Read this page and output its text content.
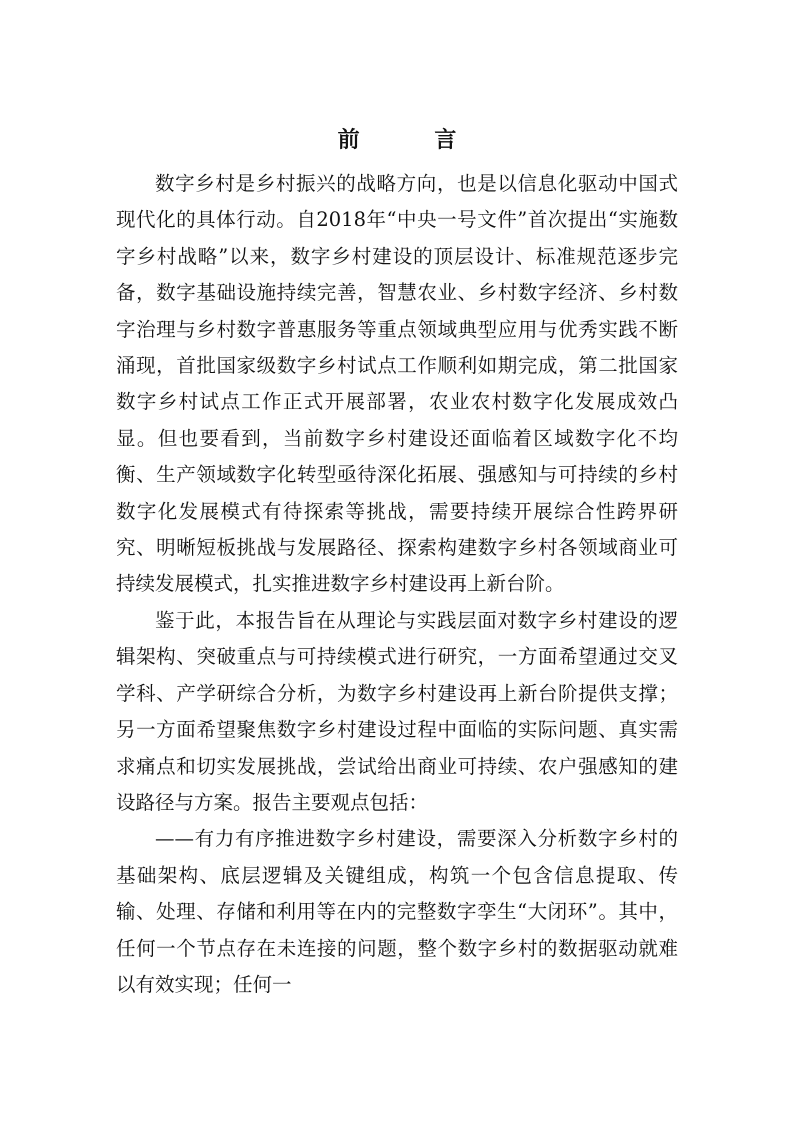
前　言

数字乡村是乡村振兴的战略方向，也是以信息化驱动中国式现代化的具体行动。自2018年“中央一号文件”首次提出“实施数字乡村战略”以来，数字乡村建设的顶层设计、标准规范逐步完备，数字基础设施持续完善，智慧农业、乡村数字经济、乡村数字治理与乡村数字普惠服务等重点领域典型应用与优秀实践不断涌现，首批国家级数字乡村试点工作顺利如期完成，第二批国家数字乡村试点工作正式开展部署，农业农村数字化发展成效凸显。但也要看到，当前数字乡村建设还面临着区域数字化不均衡、生产领域数字化转型亟待深化拓展、强感知与可持续的乡村数字化发展模式有待探索等挑战，需要持续开展综合性跨界研究、明晰短板挑战与发展路径、探索构建数字乡村各领域商业可持续发展模式，扎实推进数字乡村建设再上新台阶。

鉴于此，本报告旨在从理论与实践层面对数字乡村建设的逻辑架构、突破重点与可持续模式进行研究，一方面希望通过交叉学科、产学研综合分析，为数字乡村建设再上新台阶提供支撑；另一方面希望聚焦数字乡村建设过程中面临的实际问题、真实需求痛点和切实发展挑战，尝试给出商业可持续、农户强感知的建设路径与方案。报告主要观点包括：

——有力有序推进数字乡村建设，需要深入分析数字乡村的基础架构、底层逻辑及关键组成，构筑一个包含信息提取、传输、处理、存储和利用等在内的完整数字孪生“大闭环”。其中，任何一个节点存在未连接的问题，整个数字乡村的数据驱动就难以有效实现；任何一
